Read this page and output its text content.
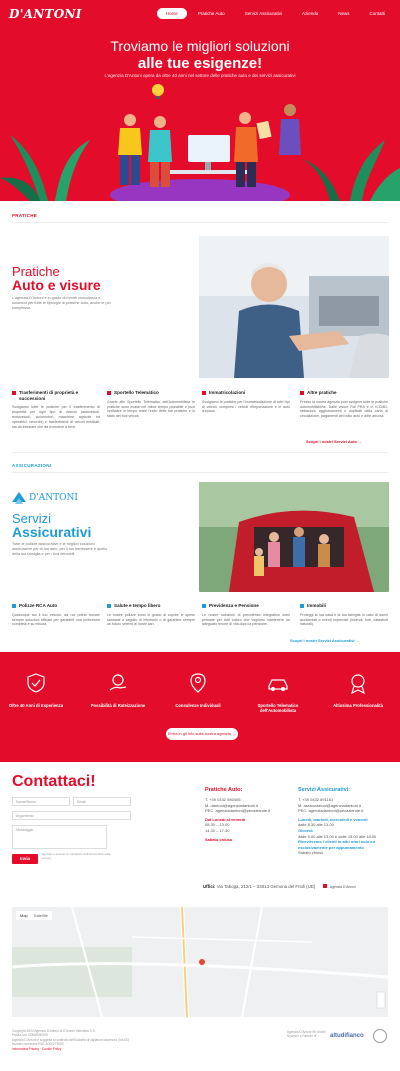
D'ANTONI	Home	Pratiche Auto	Servizi Assicurativi	Azienda	News	Contatti
Troviamo le migliori soluzioni
alle tue esigenze!
L'agenzia D'Antoni opera da oltre 40 anni nel settore delle pratiche auto e dei servizi assicurativi
PRATICHE
Pratiche
Auto e visure
L'agenzia D'Antoni è in grado di fornirti consulenza e soluzioni per tutte le tipologie di pratiche auto, anche le più complesse.
Trasferimenti di proprietà e successioni
Svolgiamo tutte le pratiche per il trasferimento di proprietà per ogni tipo di veicolo (autoveicoli, motoveicoli, ciclomotori, macchine agricole ed operatrici, rimorchi) e trasferimenti di veicoli ereditati, sia da intestare che da rivendere a terzi.
Sportello Telematico
Grazie allo Sportello Telematico dell'Automobilista le pratiche sono evase nel minor tempo possibile e puoi verificare in tempo reale l'esito delle tue pratiche e lo stato dei tuoi veicoli.
Immatricolazioni
Svolgiamo le pratiche per l'immatricolazione di tutti i tipi di veicoli, compresi i veicoli d'importazione e le auto d'epoca.
Altre pratiche
Presso la nostra agenzia puoi svolgere tutte le pratiche automobilistiche. Dalle visure Ral PRA e in ICCMD, radiazioni, aggiornamenti e duplicati della carta di circolazione, pagamenti del bollo auto e altre ancora.
Scopri i nostri Servizi Auto →
ASSICURAZIONI
D'ANTONI
Servizi
Assicurativi
Tutte le polizze assicurative e le migliori soluzioni assicurative per la tua auto, per il tuo benessere e quello della tua famiglia e per i tuoi immobili.
Polizze RCA Auto
Qualunque sia il tuo veicolo, da noi potrai trovare sempre soluzioni efficaci per garantirti una protezione completa e su misura.
Salute e tempo libero
Le nostre polizze sono in grado di coprire le spese sanitarie a seguito di infortunio o di garantire sempre un futuro sereno ai nostri cari.
Previdenza e Pensione
Le nostre soluzioni di previdenza integrativa sono pensate per tutti coloro che vogliono mantenere un adeguato tenore di vita dopo la pensione.
Immobili
Proteggi la tua casa e la tua famiglia in caso di danni accidentali o eventi imprevisti (incendi, furti, catastrofi naturali).
Scopri i nostri Servizi Assicurativi →
Oltre 40 Anni di Esperienza	Possibilità di Rateizzazione	Consulenze Individuali	Sportello Telematico dell'Automobilista
Altissima Professionalità
Entra in gli info sulla nostra agenzia →
Contattaci!
Nome/Nome	Email
Argomento
Messaggio
Invia
Ho letto e accetto le condizioni dell'informativa sulla privacy
Pratiche Auto:
T. +39 0432 980405
M. dantoni@agenziadantoni.it
PEC. agenziadantoni@pecaziende.it
Dal Lunedì al venerdì
08.30 – 13.00
14.30 – 17.30
Sabato chiuso
Servizi Assicurativi:
T. +39 0432 891161
M. assicurazioni@agenziadantoni.it
PEC. agenziadantoni@pecaziende.it
Lunedì, martedì, mercoledì e venerdì
dalle 8.30 alle 13.00
Giovedì
dalle 9.00 alle 13.00 e dalle 15.00 alle 18.00
Ricevieremo i clienti in altri orari solo ed esclusivamente per appuntamento
Sabato chiuso
Uffici: Via Taboga, 212/1 – 33013 Gemona del Friuli (UD)	Agenzia D'Antoni
Map Satellite
Copyright 2024 Agenzia D'Antoni di D'Antoni Valentina S.S.
Partita Iva: 02806530308
Agenzia D'Antoni è soggetta al controllo dell'Autorità di vigilanza sicurezza (IVASS)
Numero iscrizione RUI: A000273083
Informativa Privacy · Cookie Policy
Agenzia D'Antoni Srl di altri
Sponsor e Partner rif	altudifianco
